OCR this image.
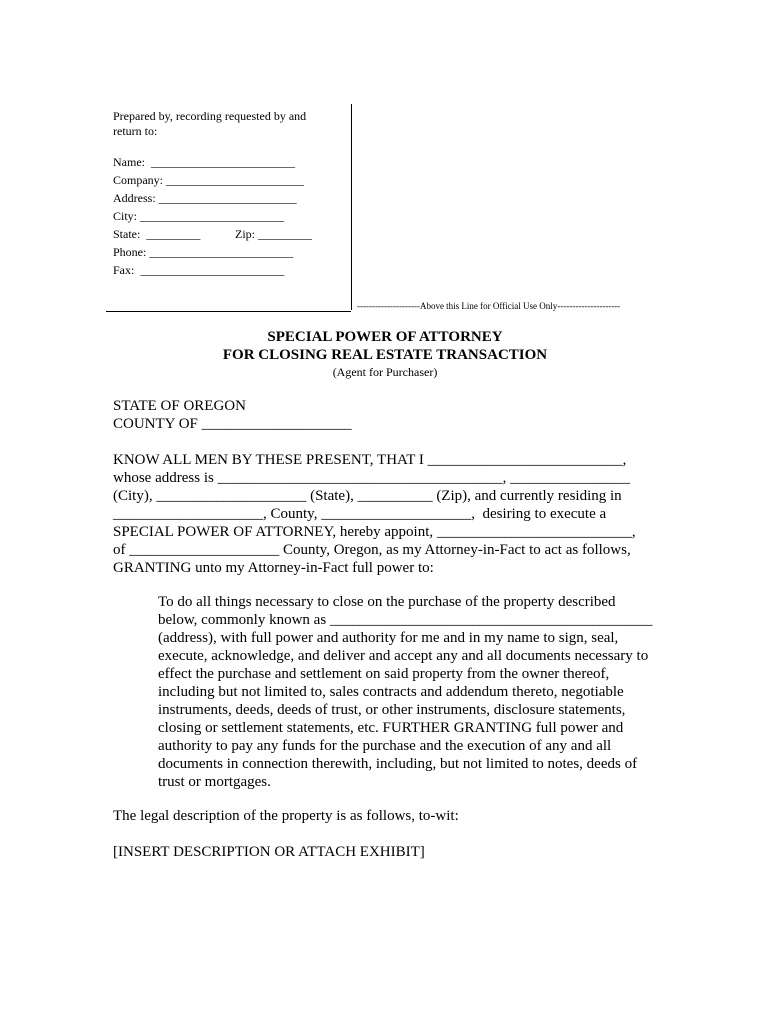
Prepared by, recording requested by and
return to:
Name:  ________________________
Company: _______________________
Address: _______________________
City: ________________________
State:  _________	Zip: _________
Phone: ________________________
Fax:  ________________________
---------------------Above this Line for Official Use Only---------------------
SPECIAL POWER OF ATTORNEY
FOR CLOSING REAL ESTATE TRANSACTION
(Agent for Purchaser)
STATE OF OREGON
COUNTY OF ____________________
KNOW ALL MEN BY THESE PRESENT, THAT I __________________________,
whose address is ______________________________________, ________________
(City), ____________________ (State), __________ (Zip), and currently residing in
____________________, County, ____________________,  desiring to execute a
SPECIAL POWER OF ATTORNEY, hereby appoint, __________________________,
of ____________________ County, Oregon, as my Attorney-in-Fact to act as follows,
GRANTING unto my Attorney-in-Fact full power to:
To do all things necessary to close on the purchase of the property described
below, commonly known as ___________________________________________
(address), with full power and authority for me and in my name to sign, seal,
execute, acknowledge, and deliver and accept any and all documents necessary to
effect the purchase and settlement on said property from the owner thereof,
including but not limited to, sales contracts and addendum thereto, negotiable
instruments, deeds, deeds of trust, or other instruments, disclosure statements,
closing or settlement statements, etc. FURTHER GRANTING full power and
authority to pay any funds for the purchase and the execution of any and all
documents in connection therewith, including, but not limited to notes, deeds of
trust or mortgages.
The legal description of the property is as follows, to-wit:
[INSERT DESCRIPTION OR ATTACH EXHIBIT]
